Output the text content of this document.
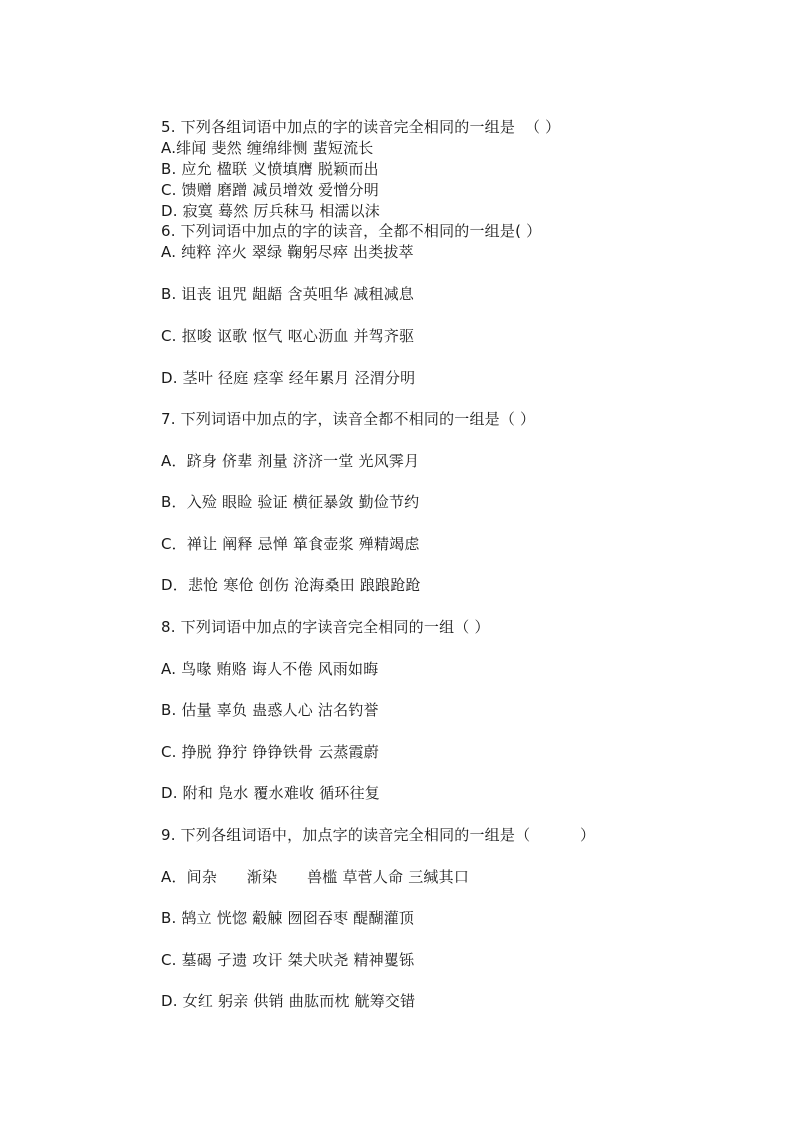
5. 下列各组词语中加点的字的读音完全相同的一组是  （ ）
A.绯闻 斐然 缠绵绯恻 蜚短流长
B. 应允 楹联 义愤填膺 脱颖而出
C. 馈赠 磨蹭 减员增效 爱憎分明
D. 寂寞 蓦然 厉兵秣马 相濡以沫
6. 下列词语中加点的字的读音，全都不相同的一组是( ）
A. 纯粹 淬火 翠绿 鞠躬尽瘁 出类拔萃
B. 诅丧 诅咒 龃龉 含英咀华 减租减息
C. 抠唆 讴歌 怄气 呕心沥血 并驾齐驱
D. 茎叶 径庭 痉挛 经年累月 泾渭分明
7. 下列词语中加点的字，读音全都不相同的一组是（ ）
A．跻身 侪辈 剂量 济济一堂 光风霁月
B．入殓 眼睑 验证 横征暴敛 勤俭节约
C．禅让 阐释 忌惮 箪食壶浆 殚精竭虑
D．悲怆 寒伧 创伤 沧海桑田 踉踉跄跄
8. 下列词语中加点的字读音完全相同的一组（ ）
A. 鸟喙 贿赂 诲人不倦 风雨如晦
B. 估量 辜负 蛊惑人心 沽名钓誉
C. 挣脱 狰狞 铮铮铁骨 云蒸霞蔚
D. 附和 凫水 覆水难收 循环往复
9. 下列各组词语中，加点字的读音完全相同的一组是（          ）
A．间杂      渐染      兽槛 草菅人命 三缄其口
B. 鹄立 恍惚 觳觫 囫囵吞枣 醍醐灌顶
C. 墓碣 孑遗 攻讦 桀犬吠尧 精神矍铄
D. 女红 躬亲 供销 曲肱而枕 觥筹交错
